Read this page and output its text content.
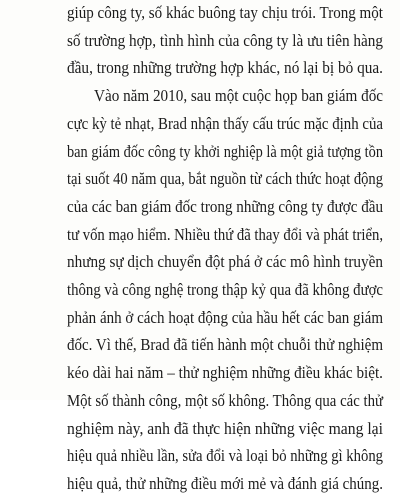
giúp công ty, số khác buông tay chịu trói. Trong một
số trường hợp, tình hình của công ty là ưu tiên hàng
đầu, trong những trường hợp khác, nó lại bị bỏ qua.
Vào năm 2010, sau một cuộc họp ban giám đốc
cực kỳ tẻ nhạt, Brad nhận thấy cấu trúc mặc định của
ban giám đốc công ty khởi nghiệp là một giả tượng tồn
tại suốt 40 năm qua, bắt nguồn từ cách thức hoạt động
của các ban giám đốc trong những công ty được đầu
tư vốn mạo hiểm. Nhiều thứ đã thay đổi và phát triển,
nhưng sự dịch chuyển đột phá ở các mô hình truyền
thông và công nghệ trong thập kỷ qua đã không được
phản ánh ở cách hoạt động của hầu hết các ban giám
đốc. Vì thế, Brad đã tiến hành một chuỗi thử nghiệm
kéo dài hai năm – thử nghiệm những điều khác biệt.
Một số thành công, một số không. Thông qua các thử
nghiệm này, anh đã thực hiện những việc mang lại
hiệu quả nhiều lần, sửa đổi và loại bỏ những gì không
hiệu quả, thử những điều mới mẻ và đánh giá chúng.
